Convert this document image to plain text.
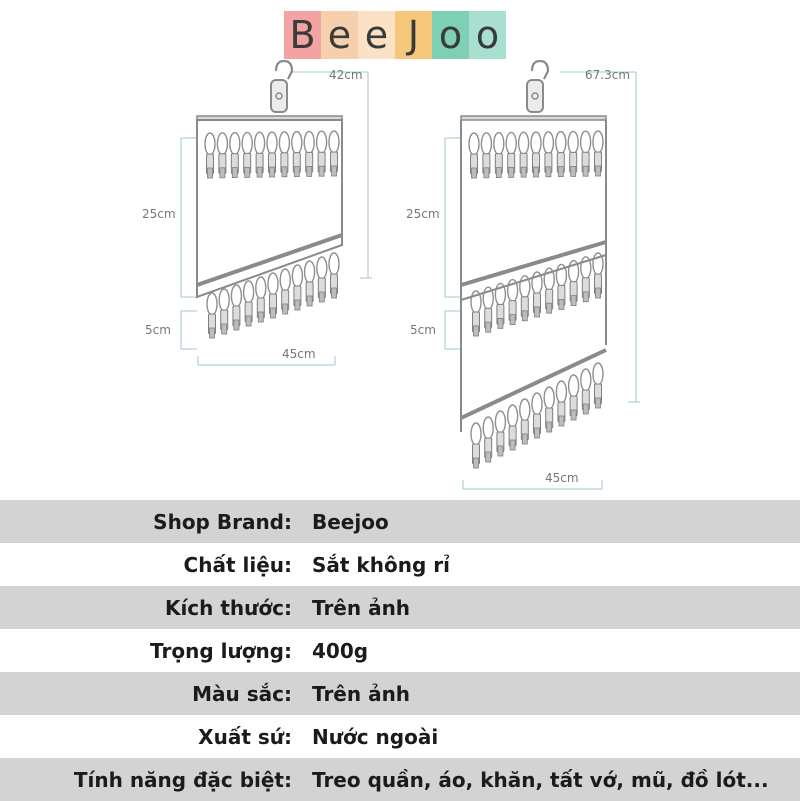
B e e J o o
42cm
25cm
5cm
45cm
67.3cm
25cm
5cm
45cm
Shop Brand: Beejoo
Chất liệu: Sắt không rỉ
Kích thước: Trên ảnh
Trọng lượng: 400g
Màu sắc: Trên ảnh
Xuất sứ: Nước ngoài
Tính năng đặc biệt: Treo quần, áo, khăn, tất vớ, mũ, đồ lót...
